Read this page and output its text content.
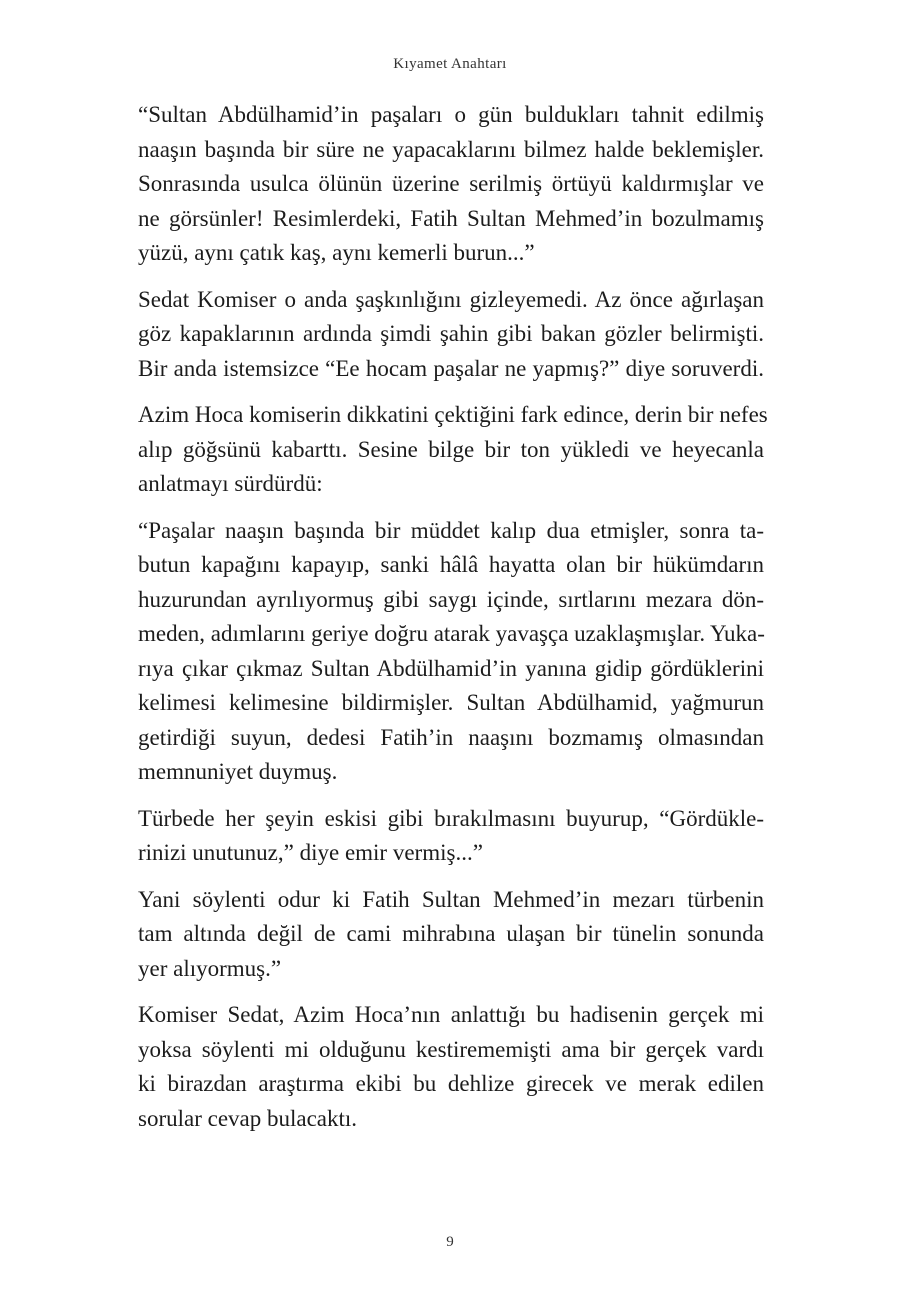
Kıyamet Anahtarı

“Sultan Abdülhamid’in paşaları o gün buldukları tahnit edilmiş
naaşın başında bir süre ne yapacaklarını bilmez halde beklemişler.
Sonrasında usulca ölünün üzerine serilmiş örtüyü kaldırmışlar ve
ne görsünler! Resimlerdeki, Fatih Sultan Mehmed’in bozulmamış
yüzü, aynı çatık kaş, aynı kemerli burun...”

Sedat Komiser o anda şaşkınlığını gizleyemedi. Az önce ağırlaşan
göz kapaklarının ardında şimdi şahin gibi bakan gözler belirmişti.
Bir anda istemsizce “Ee hocam paşalar ne yapmış?” diye soruverdi.

Azim Hoca komiserin dikkatini çektiğini fark edince, derin bir nefes
alıp göğsünü kabarttı. Sesine bilge bir ton yükledi ve heyecanla
anlatmayı sürdürdü:

“Paşalar naaşın başında bir müddet kalıp dua etmişler, sonra ta-
butun kapağını kapayıp, sanki hâlâ hayatta olan bir hükümdarın
huzurundan ayrılıyormuş gibi saygı içinde, sırtlarını mezara dön-
meden, adımlarını geriye doğru atarak yavaşça uzaklaşmışlar. Yuka-
rıya çıkar çıkmaz Sultan Abdülhamid’in yanına gidip gördüklerini
kelimesi kelimesine bildirmişler. Sultan Abdülhamid, yağmurun
getirdiği suyun, dedesi Fatih’in naaşını bozmamış olmasından
memnuniyet duymuş.

Türbede her şeyin eskisi gibi bırakılmasını buyurup, “Gördükle-
rinizi unutunuz,” diye emir vermiş...”

Yani söylenti odur ki Fatih Sultan Mehmed’in mezarı türbenin
tam altında değil de cami mihrabına ulaşan bir tünelin sonunda
yer alıyormuş.”

Komiser Sedat, Azim Hoca’nın anlattığı bu hadisenin gerçek mi
yoksa söylenti mi olduğunu kestirememişti ama bir gerçek vardı
ki birazdan araştırma ekibi bu dehlize girecek ve merak edilen
sorular cevap bulacaktı.

9
